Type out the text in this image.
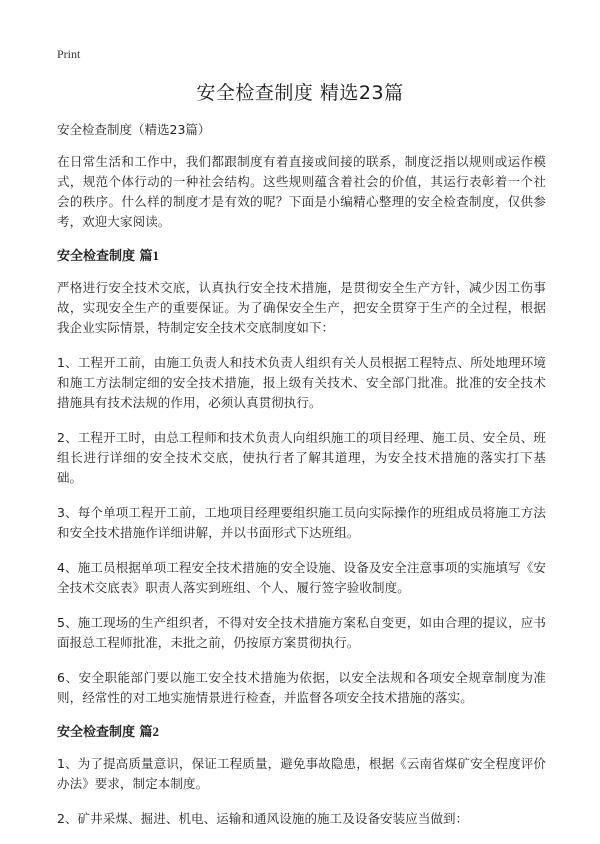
Print
安全检查制度 精选23篇
安全检查制度（精选23篇）

在日常生活和工作中，我们都跟制度有着直接或间接的联系，制度泛指以规则或运作模式，规范个体行动的一种社会结构。这些规则蕴含着社会的价值，其运行表彰着一个社会的秩序。什么样的制度才是有效的呢？下面是小编精心整理的安全检查制度，仅供参考，欢迎大家阅读。

安全检查制度 篇1

严格进行安全技术交底，认真执行安全技术措施，是贯彻安全生产方针，减少因工伤事故，实现安全生产的重要保证。为了确保安全生产，把安全贯穿于生产的全过程，根据我企业实际情景，特制定安全技术交底制度如下：

1、工程开工前，由施工负责人和技术负责人组织有关人员根据工程特点、所处地理环境和施工方法制定细的安全技术措施，报上级有关技术、安全部门批准。批准的安全技术措施具有技术法规的作用，必须认真贯彻执行。

2、工程开工时，由总工程师和技术负责人向组织施工的项目经理、施工员、安全员、班组长进行详细的安全技术交底，使执行者了解其道理，为安全技术措施的落实打下基础。

3、每个单项工程开工前，工地项目经理要组织施工员向实际操作的班组成员将施工方法和安全技术措施作详细讲解，并以书面形式下达班组。

4、施工员根据单项工程安全技术措施的安全设施、设备及安全注意事项的实施填写《安全技术交底表》职责人落实到班组、个人、履行签字验收制度。

5、施工现场的生产组织者，不得对安全技术措施方案私自变更，如由合理的提议，应书面报总工程师批准，未批之前，仍按原方案贯彻执行。

6、安全职能部门要以施工安全技术措施为依据，以安全法规和各项安全规章制度为准则，经常性的对工地实施情景进行检查，并监督各项安全技术措施的落实。

安全检查制度 篇2

1、为了提高质量意识，保证工程质量，避免事故隐患，根据《云南省煤矿安全程度评价办法》要求，制定本制度。

2、矿井采煤、掘进、机电、运输和通风设施的施工及设备安装应当做到：
